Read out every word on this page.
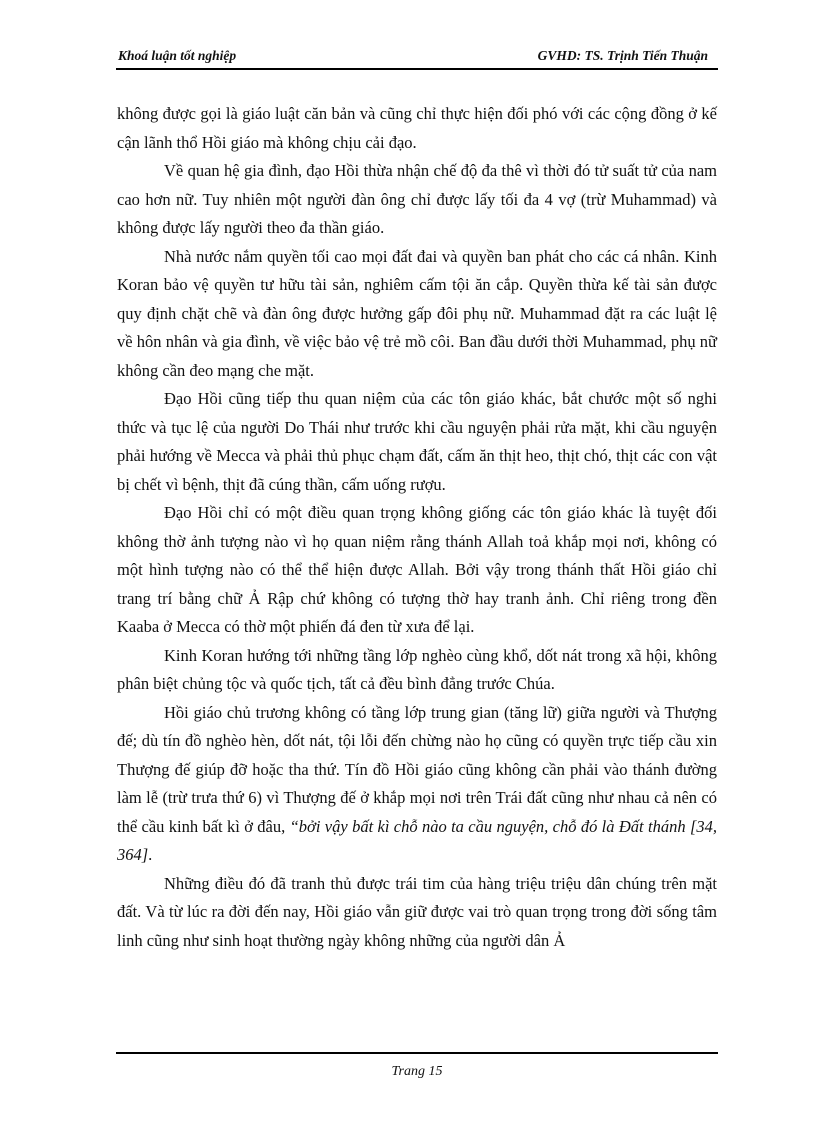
Khoá luận tốt nghiệp	GVHD: TS. Trịnh Tiến Thuận

không được gọi là giáo luật căn bản và cũng chỉ thực hiện đối phó với các cộng đồng ở kế cận lãnh thổ Hồi giáo mà không chịu cải đạo.

Về quan hệ gia đình, đạo Hồi thừa nhận chế độ đa thê vì thời đó tử suất tử của nam cao hơn nữ. Tuy nhiên một người đàn ông chỉ được lấy tối đa 4 vợ (trừ Muhammad) và không được lấy người theo đa thần giáo.

Nhà nước nắm quyền tối cao mọi đất đai và quyền ban phát cho các cá nhân. Kinh Koran bảo vệ quyền tư hữu tài sản, nghiêm cấm tội ăn cắp. Quyền thừa kế tài sản được quy định chặt chẽ và đàn ông được hưởng gấp đôi phụ nữ. Muhammad đặt ra các luật lệ về hôn nhân và gia đình, về việc bảo vệ trẻ mồ côi. Ban đầu dưới thời Muhammad, phụ nữ không cần đeo mạng che mặt.

Đạo Hồi cũng tiếp thu quan niệm của các tôn giáo khác, bắt chước một số nghi thức và tục lệ của người Do Thái như trước khi cầu nguyện phải rửa mặt, khi cầu nguyện phải hướng về Mecca và phải thủ phục chạm đất, cấm ăn thịt heo, thịt chó, thịt các con vật bị chết vì bệnh, thịt đã cúng thần, cấm uống rượu.

Đạo Hồi chỉ có một điều quan trọng không giống các tôn giáo khác là tuyệt đối không thờ ảnh tượng nào vì họ quan niệm rằng thánh Allah toả khắp mọi nơi, không có một hình tượng nào có thể thể hiện được Allah. Bởi vậy trong thánh thất Hồi giáo chỉ trang trí bằng chữ Ả Rập chứ không có tượng thờ hay tranh ảnh. Chỉ riêng trong đền Kaaba ở Mecca có thờ một phiến đá đen từ xưa để lại.

Kinh Koran hướng tới những tầng lớp nghèo cùng khổ, dốt nát trong xã hội, không phân biệt chủng tộc và quốc tịch, tất cả đều bình đẳng trước Chúa.

Hồi giáo chủ trương không có tầng lớp trung gian (tăng lữ) giữa người và Thượng đế; dù tín đồ nghèo hèn, dốt nát, tội lỗi đến chừng nào họ cũng có quyền trực tiếp cầu xin Thượng đế giúp đỡ hoặc tha thứ. Tín đồ Hồi giáo cũng không cần phải vào thánh đường làm lễ (trừ trưa thứ 6) vì Thượng đế ở khắp mọi nơi trên Trái đất cũng như nhau cả nên có thể cầu kinh bất kì ở đâu, “bởi vậy bất kì chỗ nào ta cầu nguyện, chỗ đó là Đất thánh [34, 364].

Những điều đó đã tranh thủ được trái tim của hàng triệu triệu dân chúng trên mặt đất. Và từ lúc ra đời đến nay, Hồi giáo vẫn giữ được vai trò quan trọng trong đời sống tâm linh cũng như sinh hoạt thường ngày không những của người dân Ả

Trang 15
